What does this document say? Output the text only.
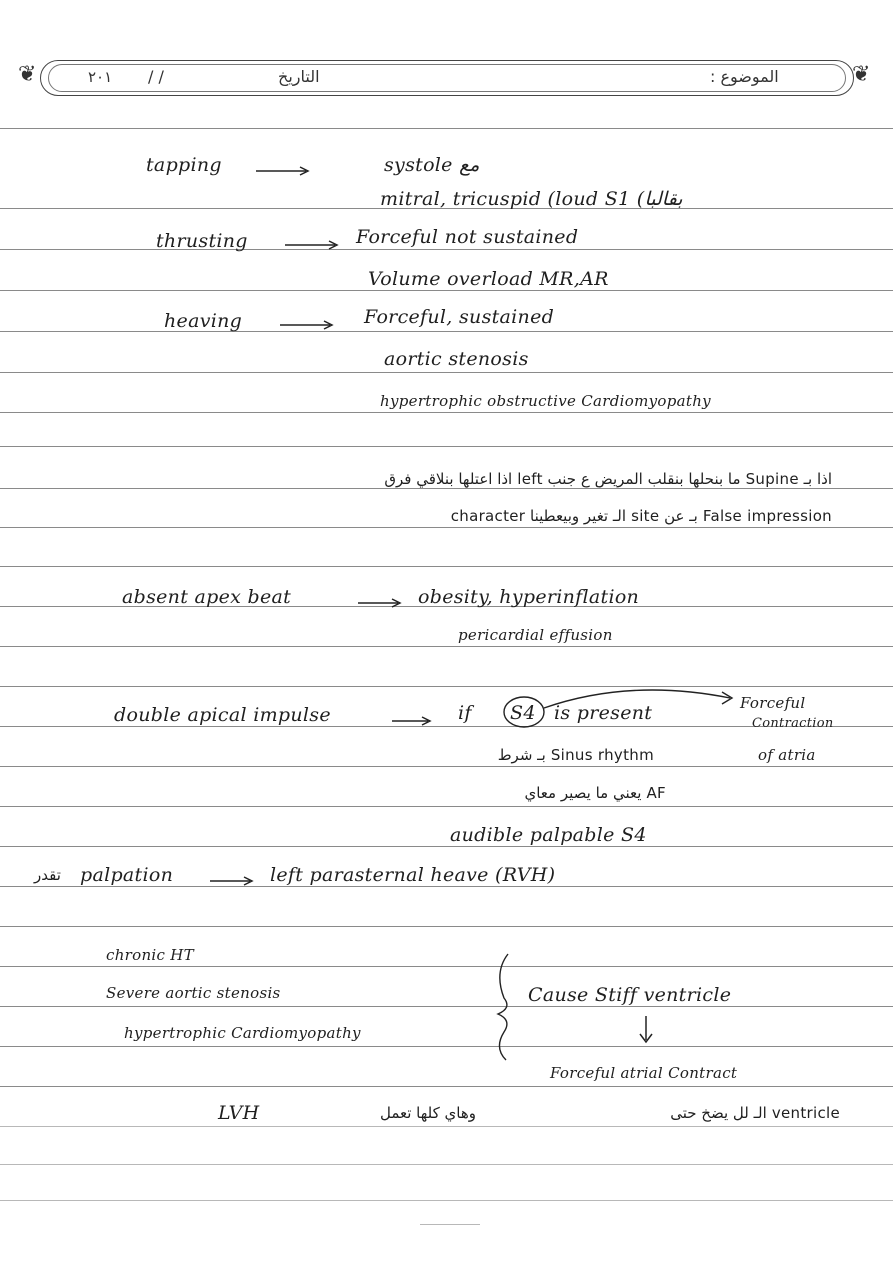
❦	❦
الموضوع :
التاريخ
/ /
٢٠١
tapping	systole مع
mitral, tricuspid (loud S1 (بقالبا
thrusting	Forceful not sustained
Volume overload MR,AR
heaving	Forceful, sustained
aortic stenosis
hypertrophic obstructive Cardiomyopathy
اذا بـ Supine ما بنحلها بنقلب المريض ع جنب left اذا اعتلها بنلاقي فرق
False impression بـ عن site الـ تغير وبيعطينا character
absent apex beat	obesity, hyperinflation
pericardial effusion
double apical impulse	if S4 is present	Forceful
Contraction
of atria
Sinus rhythm بـ شرط
AF يعني ما يصير معاي
audible palpable S4
تقدر palpation	left parasternal heave (RVH)
chronic HT
Severe aortic stenosis
hypertrophic Cardiomyopathy
Cause Stiff ventricle
Forceful atrial Contract
LVH	وهاي كلها تعمل	ventricle الـ لل يضخ حتى
